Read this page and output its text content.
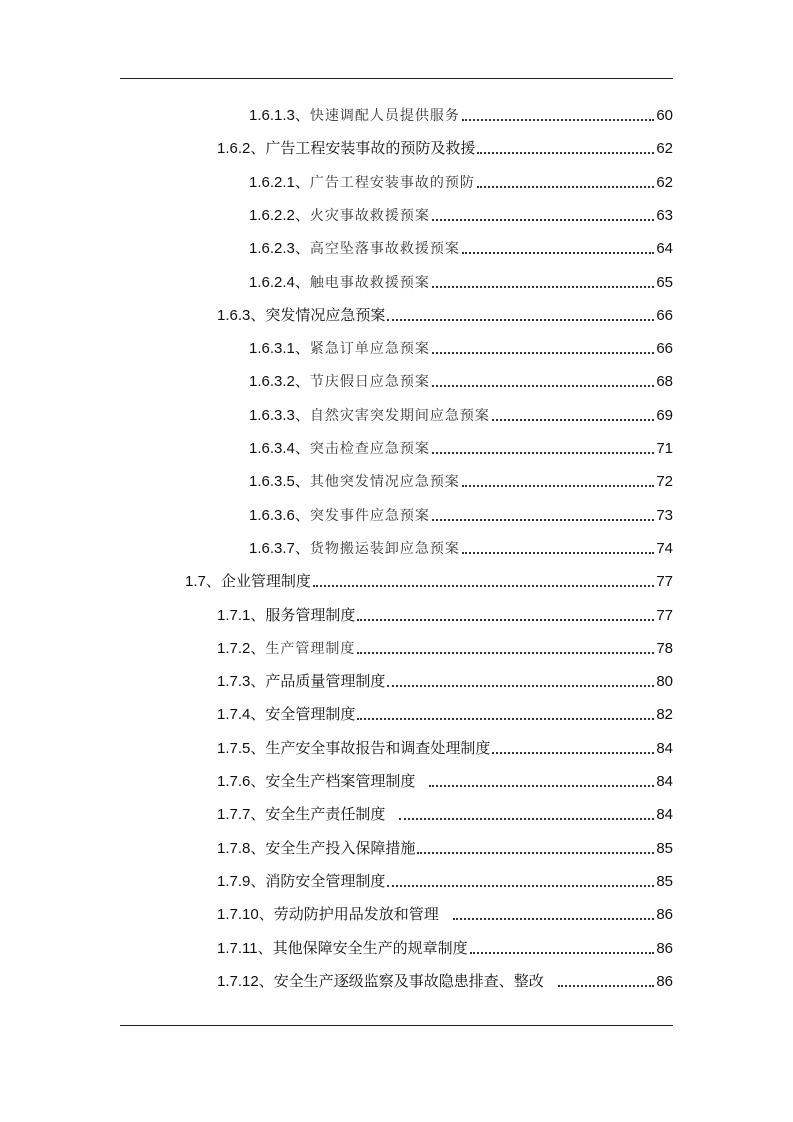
1.6.1.3、 快速调配人员提供服务	60
1.6.2、 广告工程安装事故的预防及救援	62
1.6.2.1、 广告工程安装事故的预防	62
1.6.2.2、 火灾事故救援预案	63
1.6.2.3、 高空坠落事故救援预案	64
1.6.2.4、 触电事故救援预案	65
1.6.3、 突发情况应急预案	66
1.6.3.1、 紧急订单应急预案	66
1.6.3.2、 节庆假日应急预案	68
1.6.3.3、 自然灾害突发期间应急预案	69
1.6.3.4、 突击检查应急预案	71
1.6.3.5、 其他突发情况应急预案	72
1.6.3.6、 突发事件应急预案	73
1.6.3.7、 货物搬运装卸应急预案	74
1.7、 企业管理制度	77
1.7.1、 服务管理制度	77
1.7.2、 生产管理制度	78
1.7.3、 产品质量管理制度	80
1.7.4、 安全管理制度	82
1.7.5、 生产安全事故报告和调查处理制度	84
1.7.6、 安全生产档案管理制度	84
1.7.7、 安全生产责任制度	84
1.7.8、 安全生产投入保障措施	85
1.7.9、 消防安全管理制度	85
1.7.10、 劳动防护用品发放和管理	86
1.7.11、 其他保障安全生产的规章制度	86
1.7.12、 安全生产逐级监察及事故隐患排查、整改	86
